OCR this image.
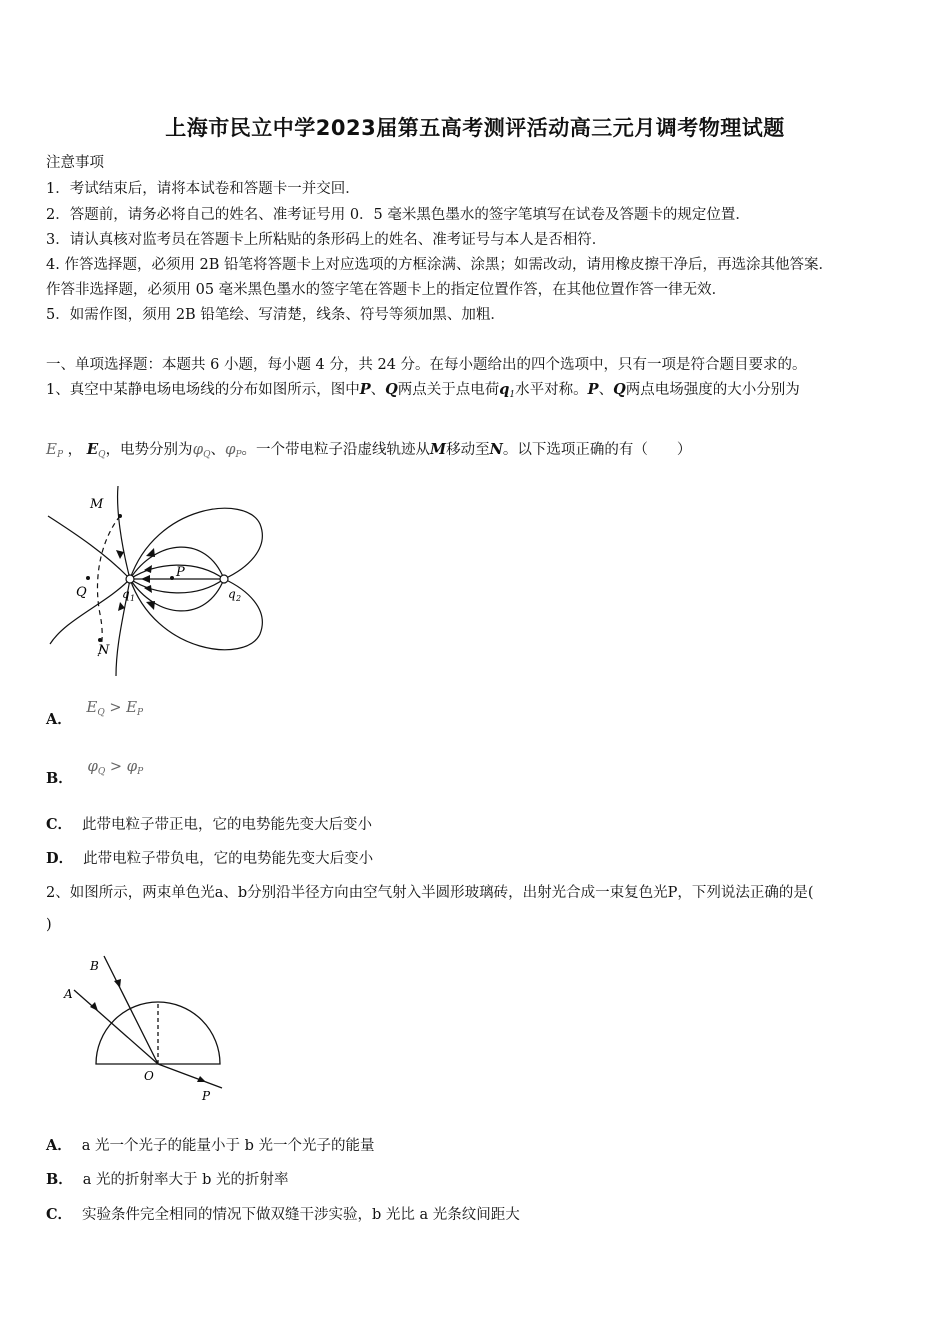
上海市民立中学2023届第五高考测评活动高三元月调考物理试题
注意事项
1．考试结束后，请将本试卷和答题卡一并交回．
2．答题前，请务必将自己的姓名、准考证号用 0．5 毫米黑色墨水的签字笔填写在试卷及答题卡的规定位置．
3．请认真核对监考员在答题卡上所粘贴的条形码上的姓名、准考证号与本人是否相符．
4. 作答选择题，必须用 2B 铅笔将答题卡上对应选项的方框涂满、涂黑；如需改动，请用橡皮擦干净后，再选涂其他答案．
作答非选择题，必须用 05 毫米黑色墨水的签字笔在答题卡上的指定位置作答，在其他位置作答一律无效．
5．如需作图，须用 2B 铅笔绘、写清楚，线条、符号等须加黑、加粗．
一、单项选择题：本题共 6 小题，每小题 4 分，共 24 分。在每小题给出的四个选项中，只有一项是符合题目要求的。
1、真空中某静电场电场线的分布如图所示，图中P、Q两点关于点电荷$q_1$水平对称。P、Q两点电场强度的大小分别为
$E_P$ ， $E_Q$，电势分别为$\varphi_Q$、$\varphi_P$。一个带电粒子沿虚线轨迹从M移动至N。以下选项正确的有（　　）
M
P
Q
N
q 1	q 2
A． $E_Q > E_P$
B． $\varphi_Q > \varphi_P$
C． 此带电粒子带正电，它的电势能先变大后变小
D． 此带电粒子带负电，它的电势能先变大后变小
2、如图所示，两束单色光a、b分别沿半径方向由空气射入半圆形玻璃砖，出射光合成一束复色光P，下列说法正确的是(
)
A
B
O
P
A． a 光一个光子的能量小于 b 光一个光子的能量
B． a 光的折射率大于 b 光的折射率
C． 实验条件完全相同的情况下做双缝干涉实验，b 光比 a 光条纹间距大
